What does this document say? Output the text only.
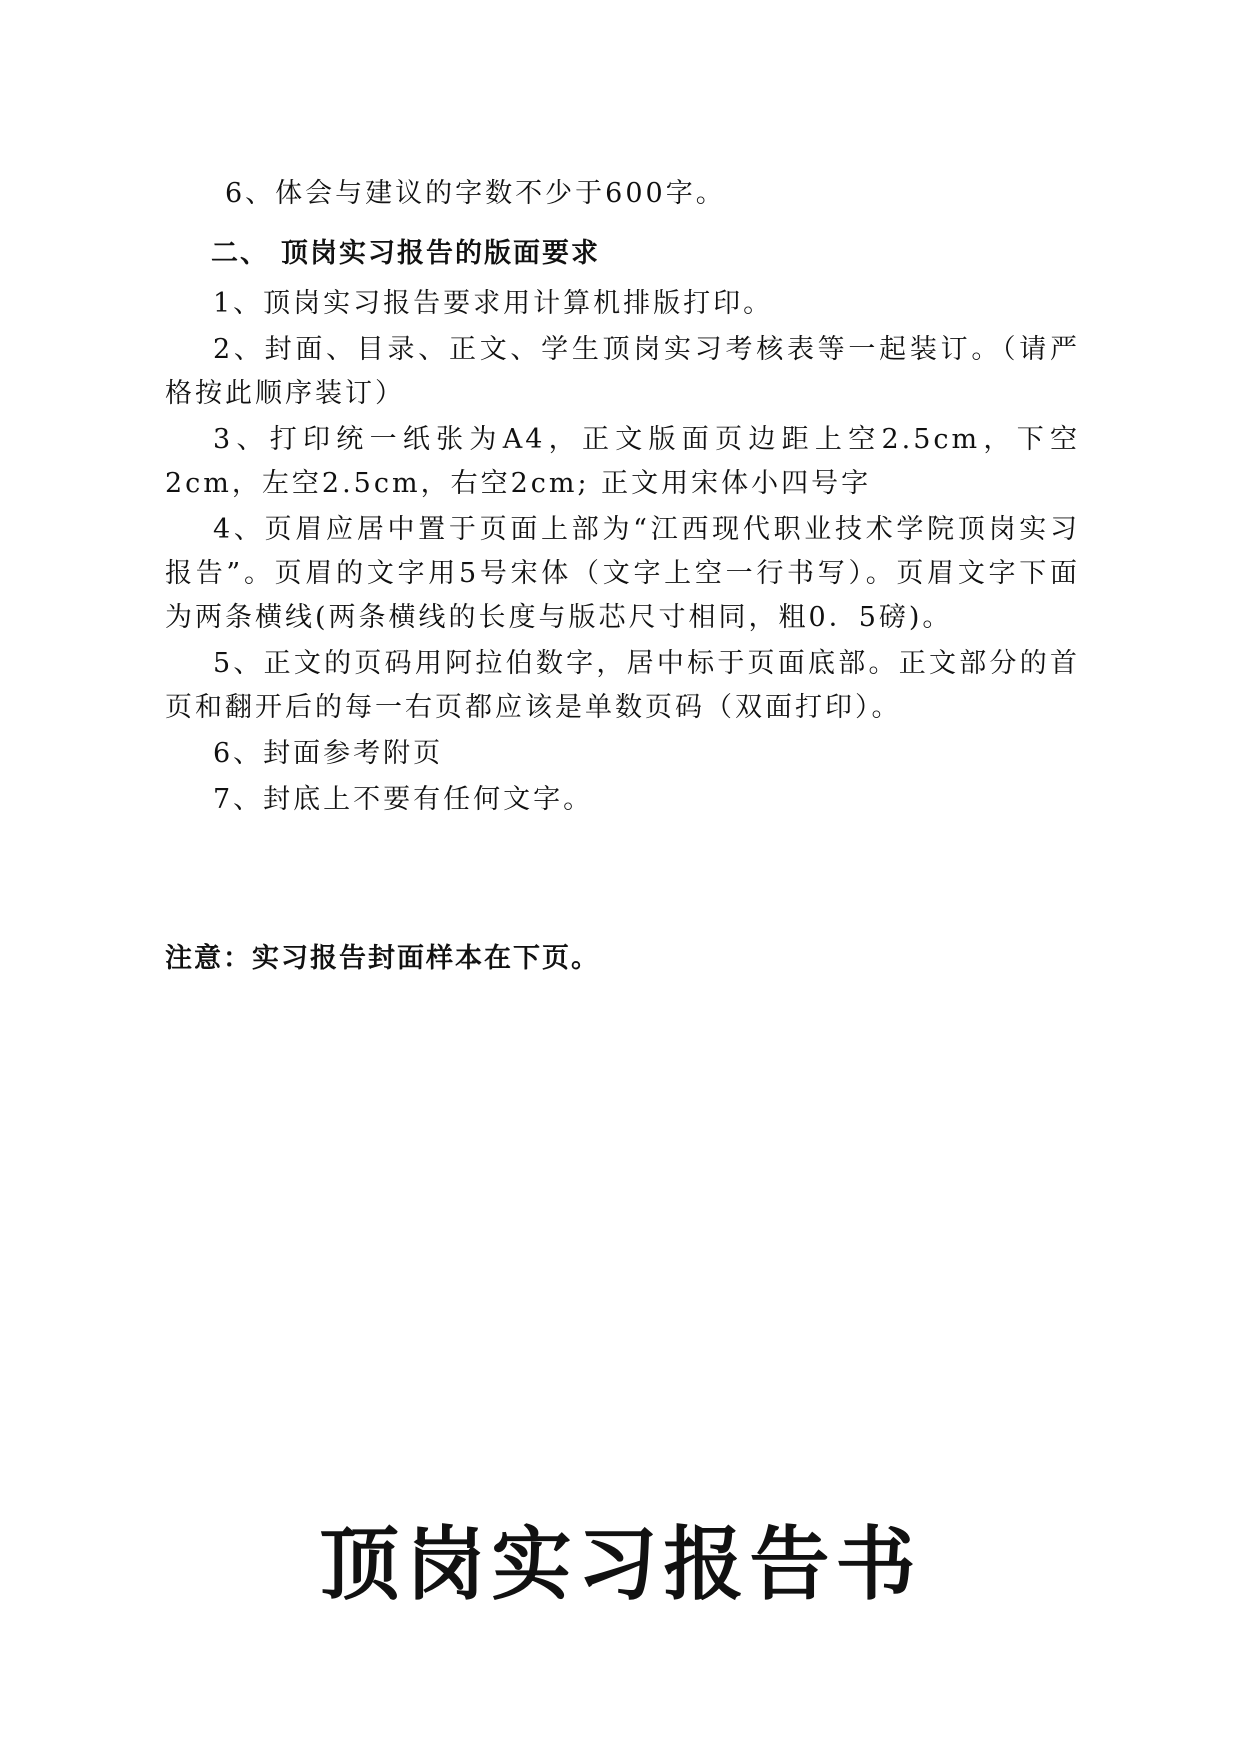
6、体会与建议的字数不少于600字。

二、 顶岗实习报告的版面要求

1、顶岗实习报告要求用计算机排版打印。

2、封面、目录、正文、学生顶岗实习考核表等一起装订。（请严格按此顺序装订）

3、打印统一纸张为A4，正文版面页边距上空2.5cm，下空2cm，左空2.5cm，右空2cm; 正文用宋体小四号字

4、页眉应居中置于页面上部为“江西现代职业技术学院顶岗实习报告”。页眉的文字用5号宋体（文字上空一行书写）。页眉文字下面为两条横线(两条横线的长度与版芯尺寸相同，粗0．5磅)。

5、正文的页码用阿拉伯数字，居中标于页面底部。正文部分的首页和翻开后的每一右页都应该是单数页码（双面打印）。

6、封面参考附页

7、封底上不要有任何文字。

注意：实习报告封面样本在下页。

顶岗实习报告书
